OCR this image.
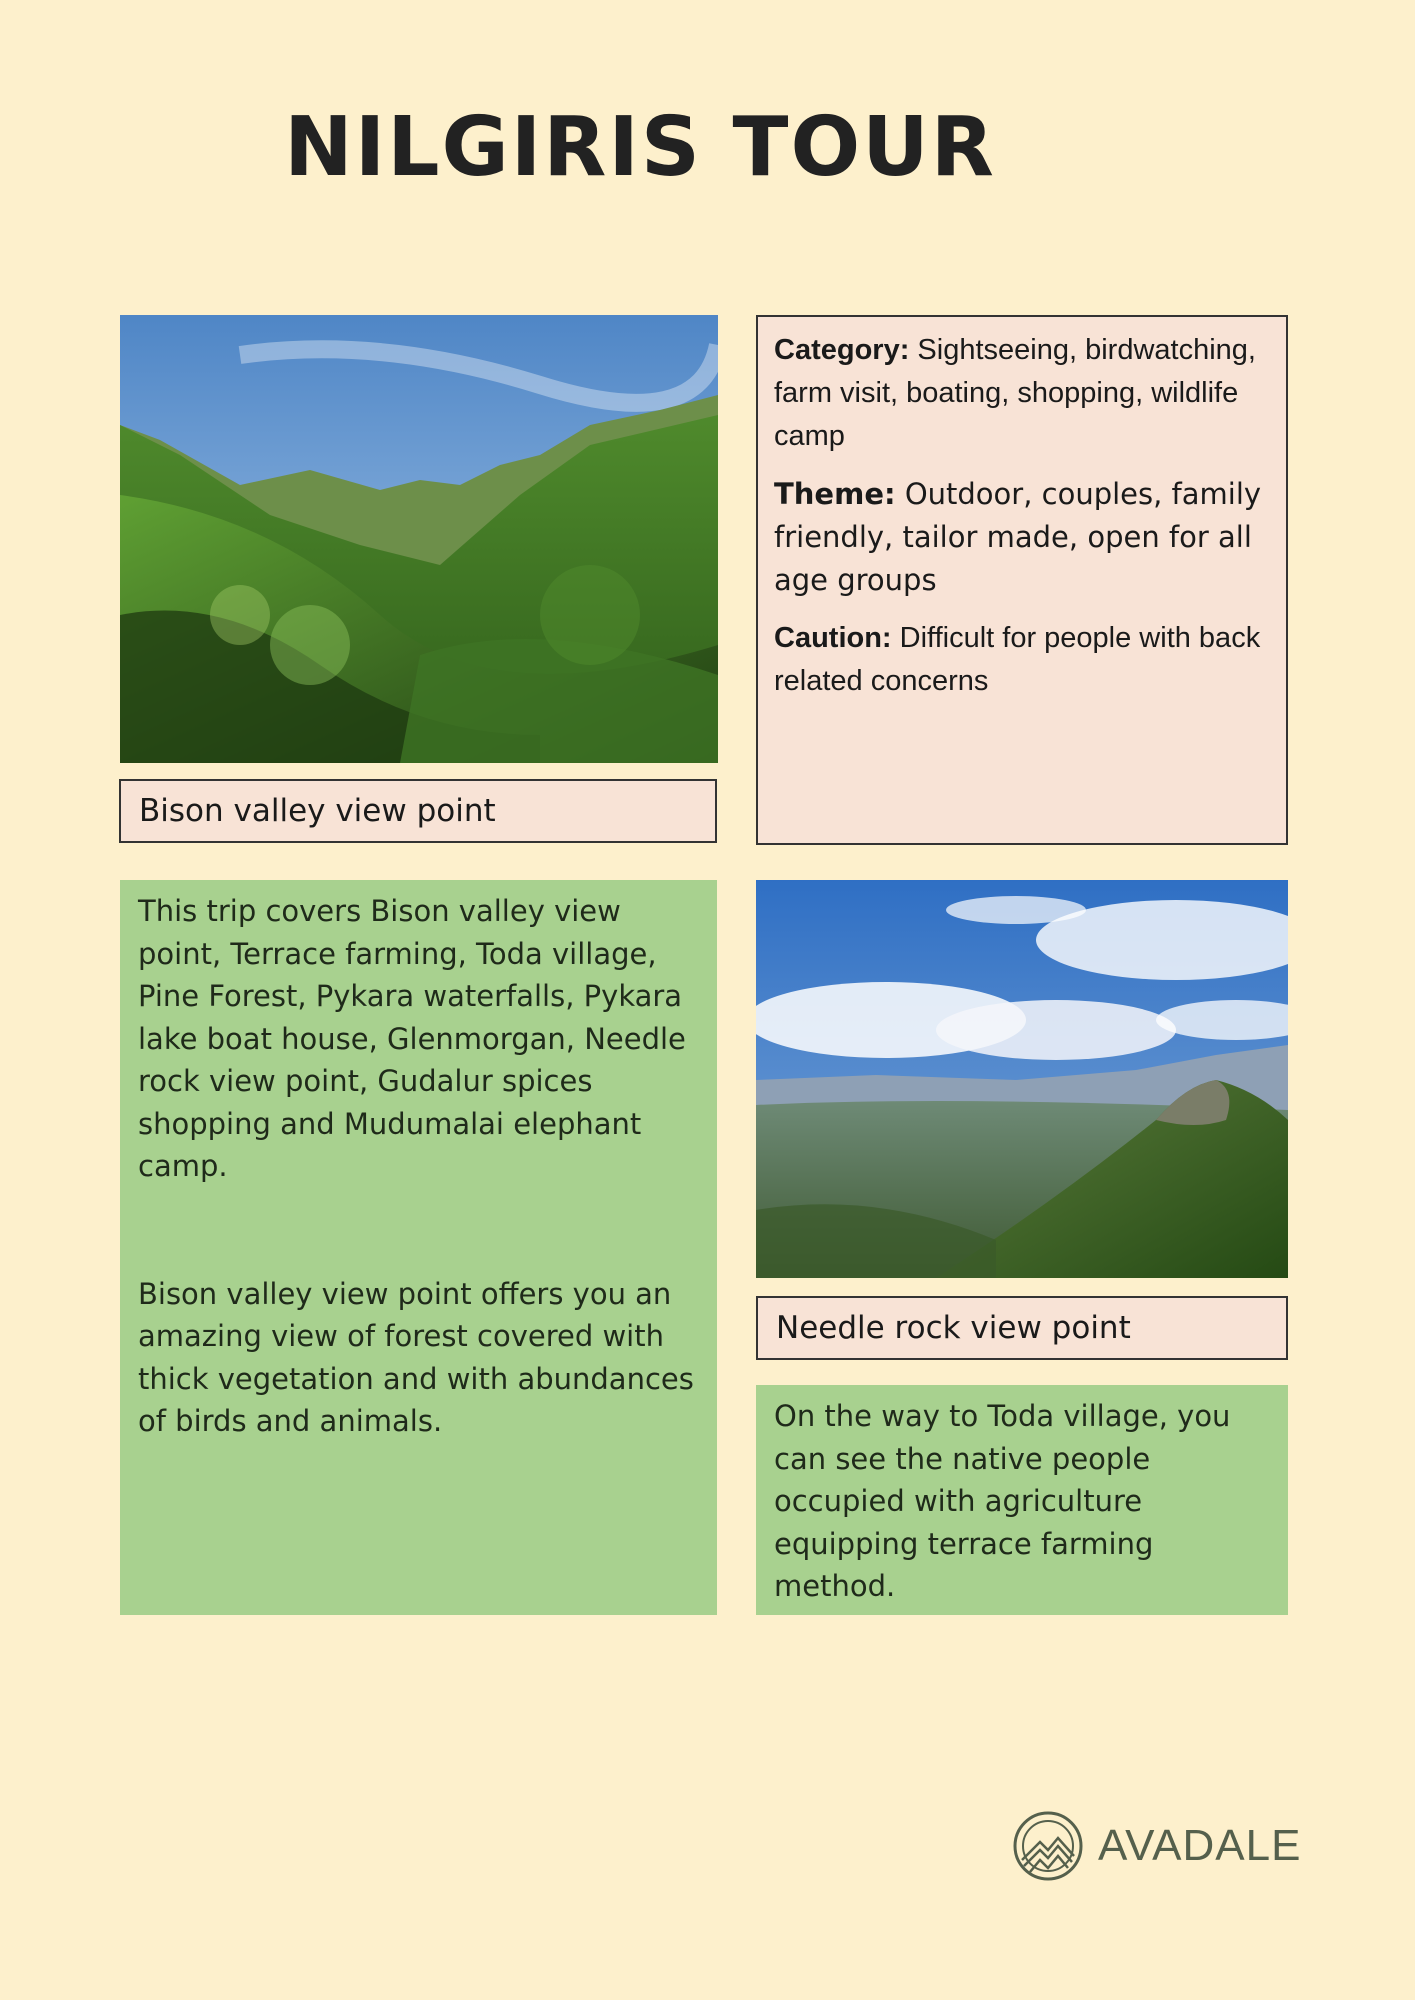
NILGIRIS TOUR
Bison valley view point

Category: Sightseeing, birdwatching, farm visit, boating, shopping, wildlife camp

Theme: Outdoor, couples, family friendly, tailor made, open for all age groups

Caution: Difficult for people with back related concerns

This trip covers Bison valley view point, Terrace farming, Toda village, Pine Forest, Pykara waterfalls, Pykara lake boat house, Glenmorgan, Needle rock view point, Gudalur spices shopping and Mudumalai elephant camp.

Bison valley view point offers you an amazing view of forest covered with thick vegetation and with abundances of birds and animals.

Needle rock view point

On the way to Toda village, you can see the native people occupied with agriculture equipping terrace farming method.

AVADALE
